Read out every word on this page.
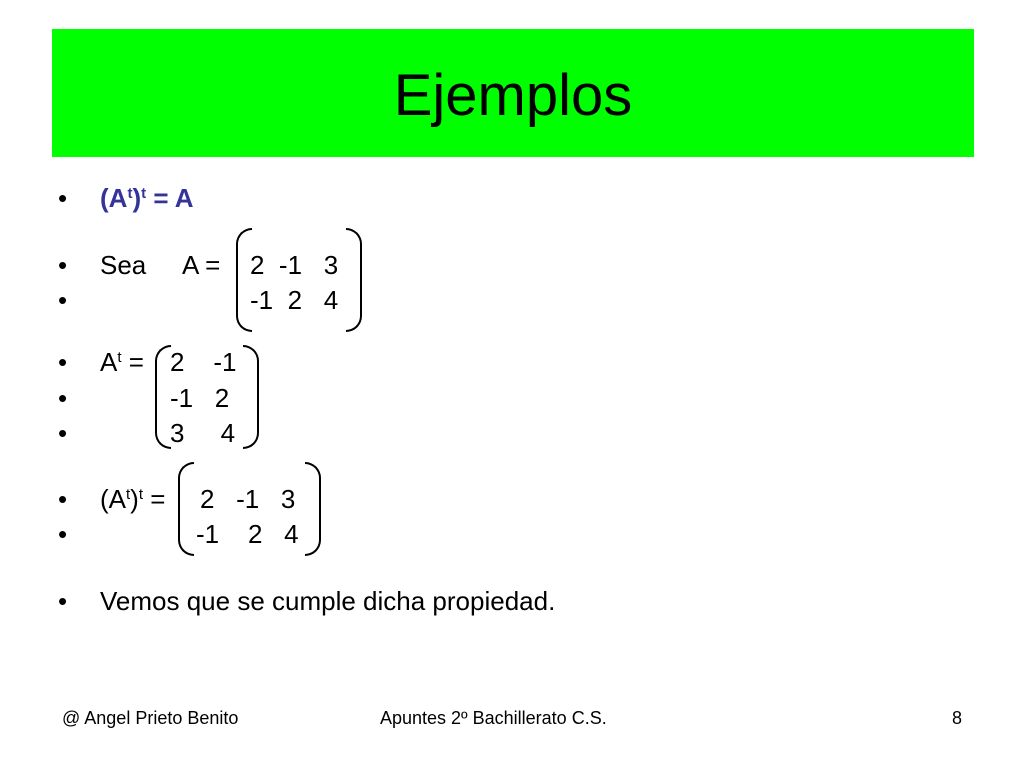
Ejemplos
• $(A^t)^t = A$
• Sea A =
•
2  -1   3
-1  2   4
• $A^t$ =
•
•
2    -1
-1   2
3     4
• $(A^t)^t$ =
•
2   -1   3
-1    2   4
• Vemos que se cumple dicha propiedad.
@ Angel Prieto Benito	Apuntes 2º Bachillerato C.S.	8
